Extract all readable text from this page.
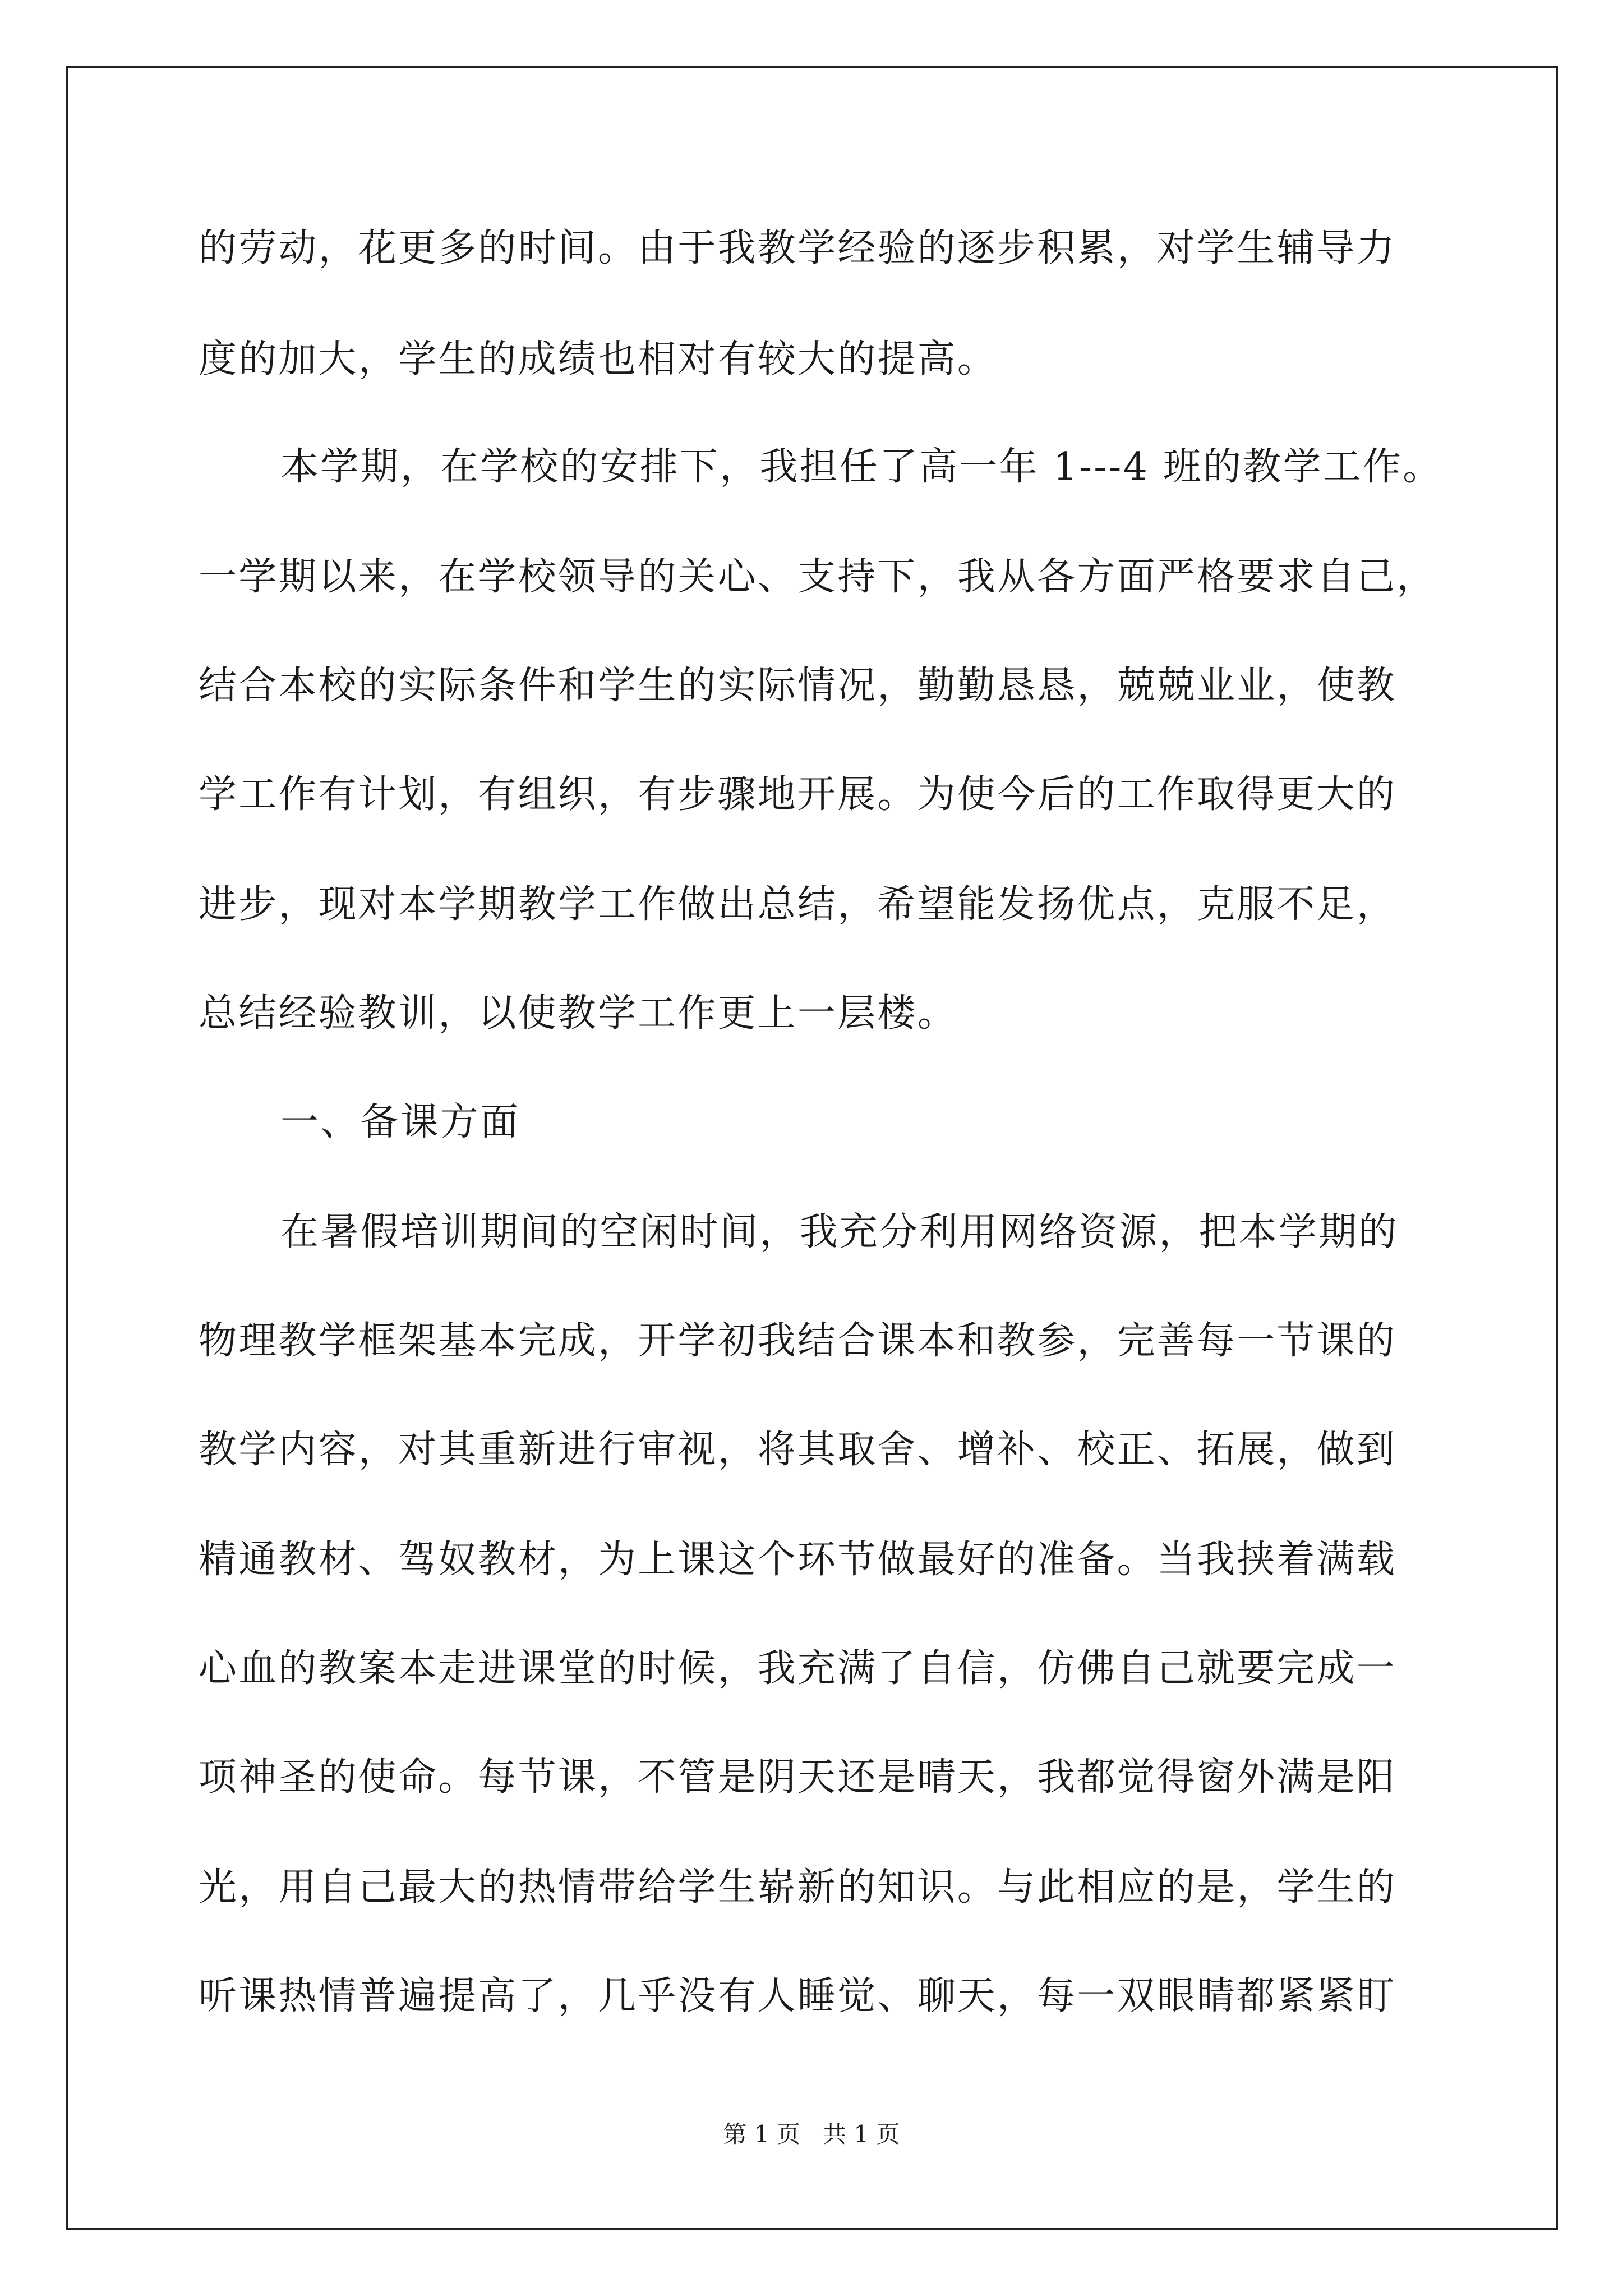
的劳动，花更多的时间。由于我教学经验的逐步积累，对学生辅导力
度的加大，学生的成绩也相对有较大的提高。
本学期，在学校的安排下，我担任了高一年 1---4 班的教学工作。
一学期以来，在学校领导的关心、支持下，我从各方面严格要求自己，
结合本校的实际条件和学生的实际情况，勤勤恳恳，兢兢业业，使教
学工作有计划，有组织，有步骤地开展。为使今后的工作取得更大的
进步，现对本学期教学工作做出总结，希望能发扬优点，克服不足，
总结经验教训，以使教学工作更上一层楼。
一、备课方面
在暑假培训期间的空闲时间，我充分利用网络资源，把本学期的
物理教学框架基本完成，开学初我结合课本和教参，完善每一节课的
教学内容，对其重新进行审视，将其取舍、增补、校正、拓展，做到
精通教材、驾奴教材，为上课这个环节做最好的准备。当我挟着满载
心血的教案本走进课堂的时候，我充满了自信，仿佛自己就要完成一
项神圣的使命。每节课，不管是阴天还是晴天，我都觉得窗外满是阳
光，用自己最大的热情带给学生崭新的知识。与此相应的是，学生的
听课热情普遍提高了，几乎没有人睡觉、聊天，每一双眼睛都紧紧盯
第 1 页   共 1 页
